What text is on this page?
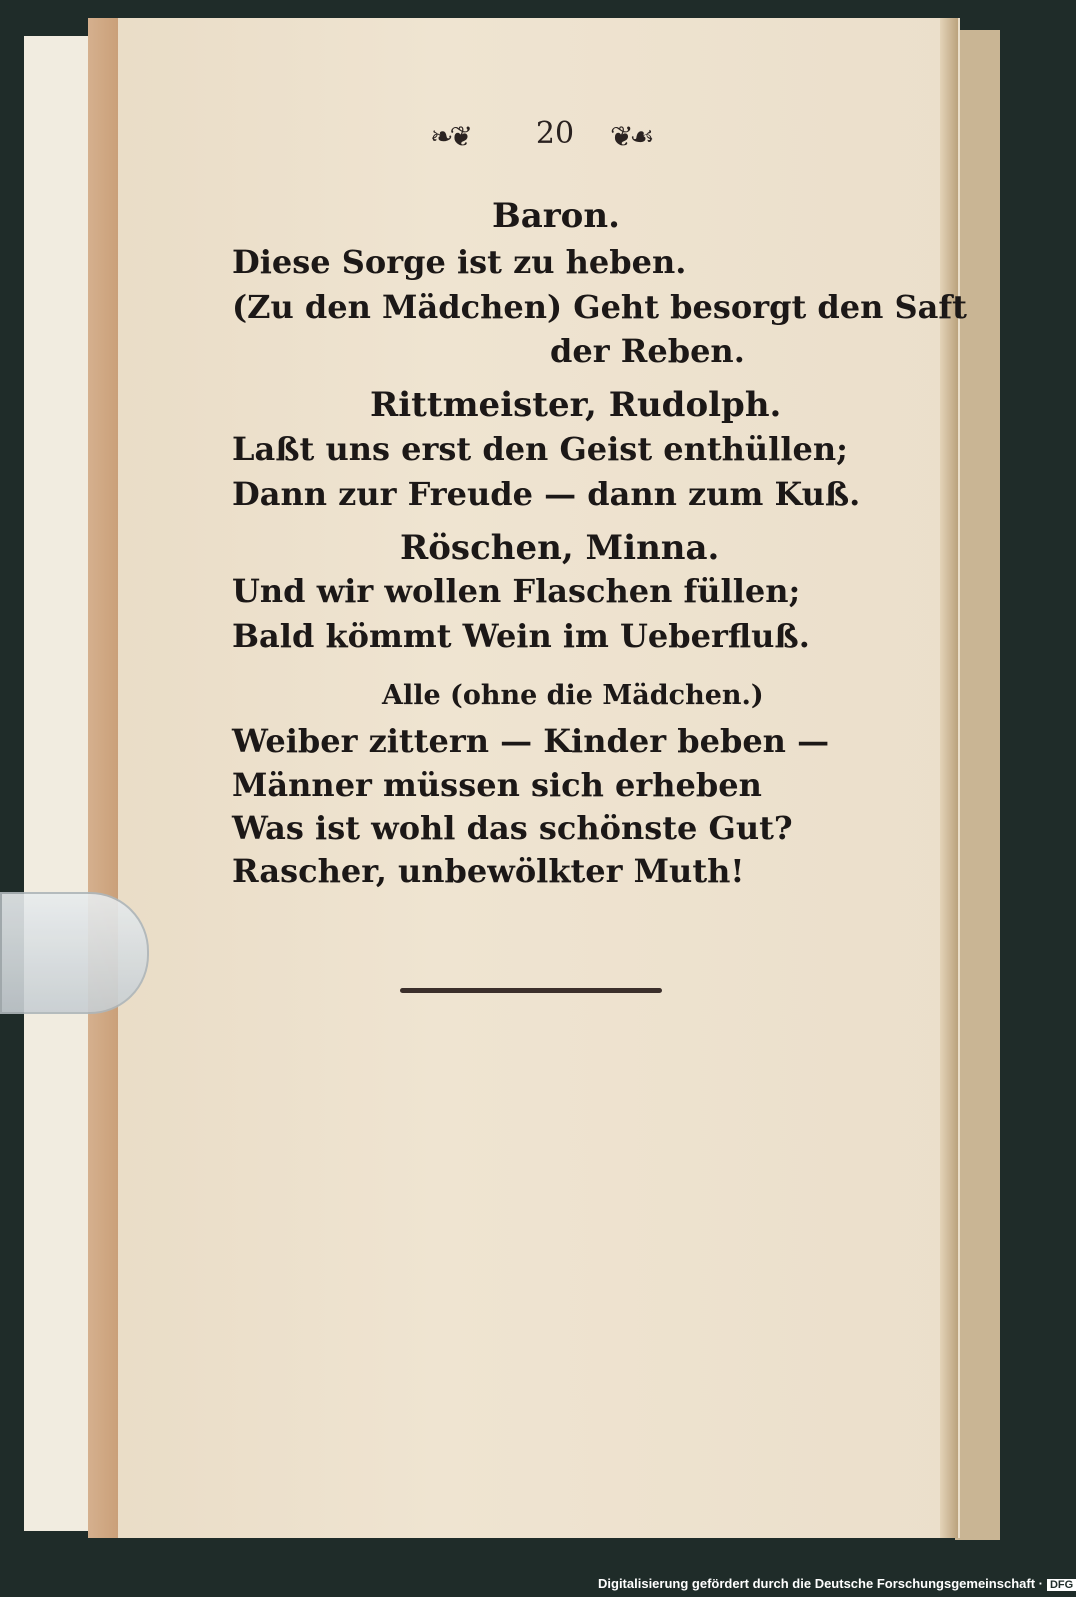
❧❦	20	❦☙
Baron.
Diese Sorge ist zu heben.
(Zu den Mädchen) Geht besorgt den Saft
der Reben.
Rittmeister, Rudolph.
Laßt uns erst den Geist enthüllen;
Dann zur Freude — dann zum Kuß.
Röschen, Minna.
Und wir wollen Flaschen füllen;
Bald kömmt Wein im Ueberfluß.
Alle (ohne die Mädchen.)
Weiber zittern — Kinder beben —
Männer müssen sich erheben
Was ist wohl das schönste Gut?
Rascher, unbewölkter Muth!
Digitalisierung gefördert durch die Deutsche Forschungsgemeinschaft · DFG
